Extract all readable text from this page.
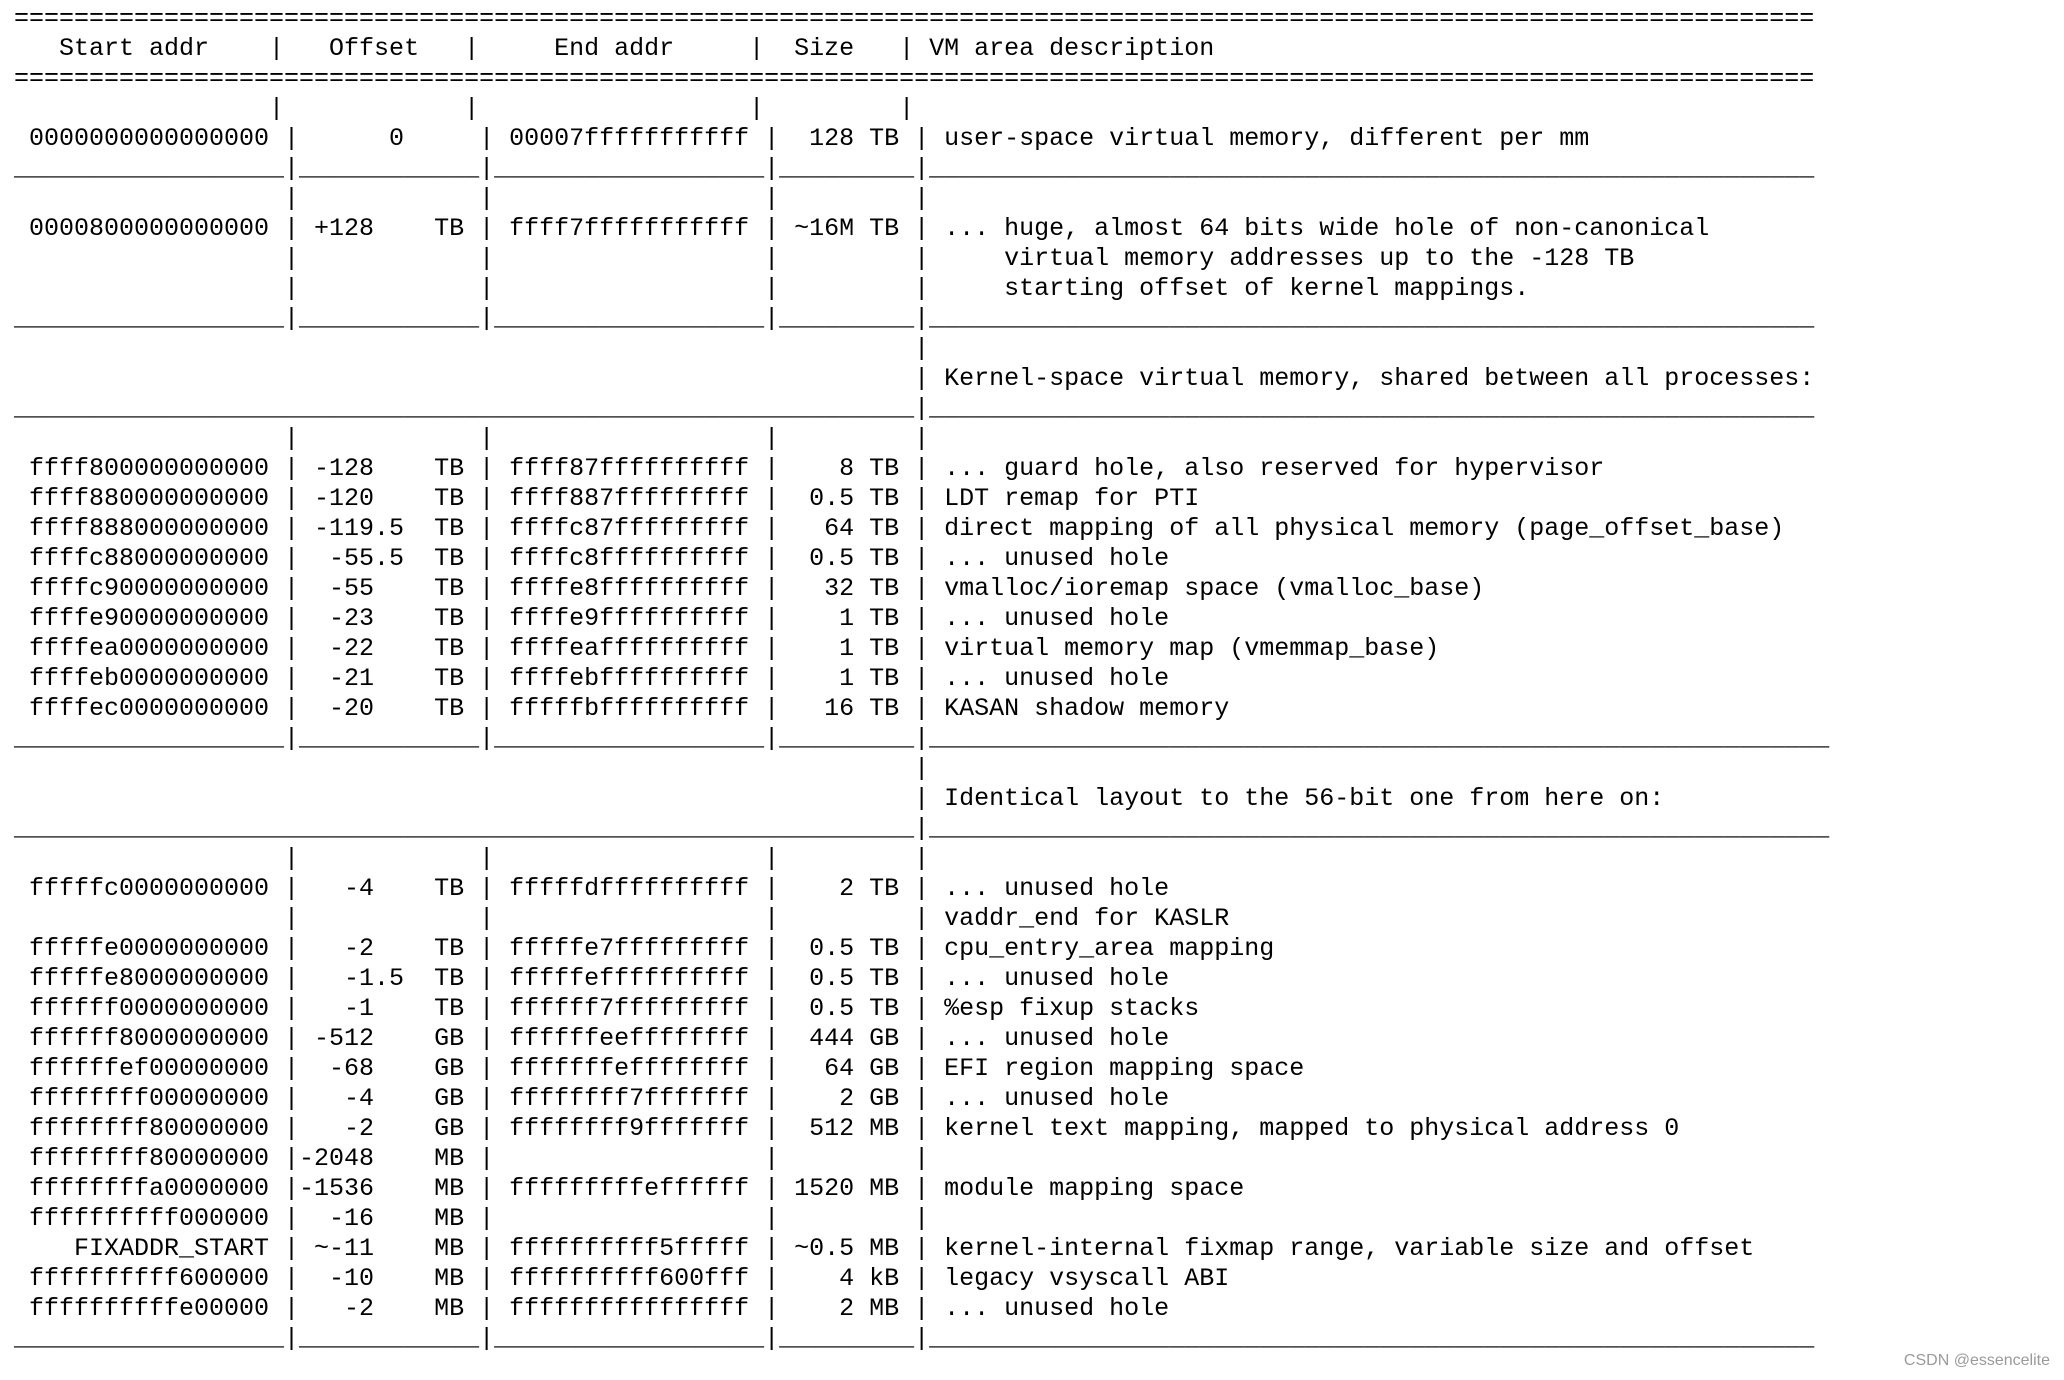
========================================================================================================================
Start addr    |   Offset   |     End addr     |  Size   | VM area description
========================================================================================================================
|            |                  |         |
0000000000000000 |      0     | 00007fffffffffff |  128 TB | user-space virtual memory, different per mm
__________________|____________|__________________|_________|___________________________________________________________
|            |                  |         |
0000800000000000 | +128    TB | ffff7fffffffffff | ~16M TB | ... huge, almost 64 bits wide hole of non-canonical
|            |                  |         |     virtual memory addresses up to the -128 TB
|            |                  |         |     starting offset of kernel mappings.
__________________|____________|__________________|_________|___________________________________________________________
|
| Kernel-space virtual memory, shared between all processes:
____________________________________________________________|___________________________________________________________
|            |                  |         |
ffff800000000000 | -128    TB | ffff87ffffffffff |    8 TB | ... guard hole, also reserved for hypervisor
ffff880000000000 | -120    TB | ffff887fffffffff |  0.5 TB | LDT remap for PTI
ffff888000000000 | -119.5  TB | ffffc87fffffffff |   64 TB | direct mapping of all physical memory (page_offset_base)
ffffc88000000000 |  -55.5  TB | ffffc8ffffffffff |  0.5 TB | ... unused hole
ffffc90000000000 |  -55    TB | ffffe8ffffffffff |   32 TB | vmalloc/ioremap space (vmalloc_base)
ffffe90000000000 |  -23    TB | ffffe9ffffffffff |    1 TB | ... unused hole
ffffea0000000000 |  -22    TB | ffffeaffffffffff |    1 TB | virtual memory map (vmemmap_base)
ffffeb0000000000 |  -21    TB | ffffebffffffffff |    1 TB | ... unused hole
ffffec0000000000 |  -20    TB | fffffbffffffffff |   16 TB | KASAN shadow memory
__________________|____________|__________________|_________|____________________________________________________________
|
| Identical layout to the 56-bit one from here on:
____________________________________________________________|____________________________________________________________
|            |                  |         |
fffffc0000000000 |   -4    TB | fffffdffffffffff |    2 TB | ... unused hole
|            |                  |         | vaddr_end for KASLR
fffffe0000000000 |   -2    TB | fffffe7fffffffff |  0.5 TB | cpu_entry_area mapping
fffffe8000000000 |   -1.5  TB | fffffeffffffffff |  0.5 TB | ... unused hole
ffffff0000000000 |   -1    TB | ffffff7fffffffff |  0.5 TB | %esp fixup stacks
ffffff8000000000 | -512    GB | ffffffeeffffffff |  444 GB | ... unused hole
ffffffef00000000 |  -68    GB | fffffffeffffffff |   64 GB | EFI region mapping space
ffffffff00000000 |   -4    GB | ffffffff7fffffff |    2 GB | ... unused hole
ffffffff80000000 |   -2    GB | ffffffff9fffffff |  512 MB | kernel text mapping, mapped to physical address 0
ffffffff80000000 |-2048    MB |                  |         |
ffffffffa0000000 |-1536    MB | fffffffffeffffff | 1520 MB | module mapping space
ffffffffff000000 |  -16    MB |                  |         |
FIXADDR_START | ~-11    MB | ffffffffff5fffff | ~0.5 MB | kernel-internal fixmap range, variable size and offset
ffffffffff600000 |  -10    MB | ffffffffff600fff |    4 kB | legacy vsyscall ABI
ffffffffffe00000 |   -2    MB | ffffffffffffffff |    2 MB | ... unused hole
__________________|____________|__________________|_________|___________________________________________________________
CSDN @essencelite
